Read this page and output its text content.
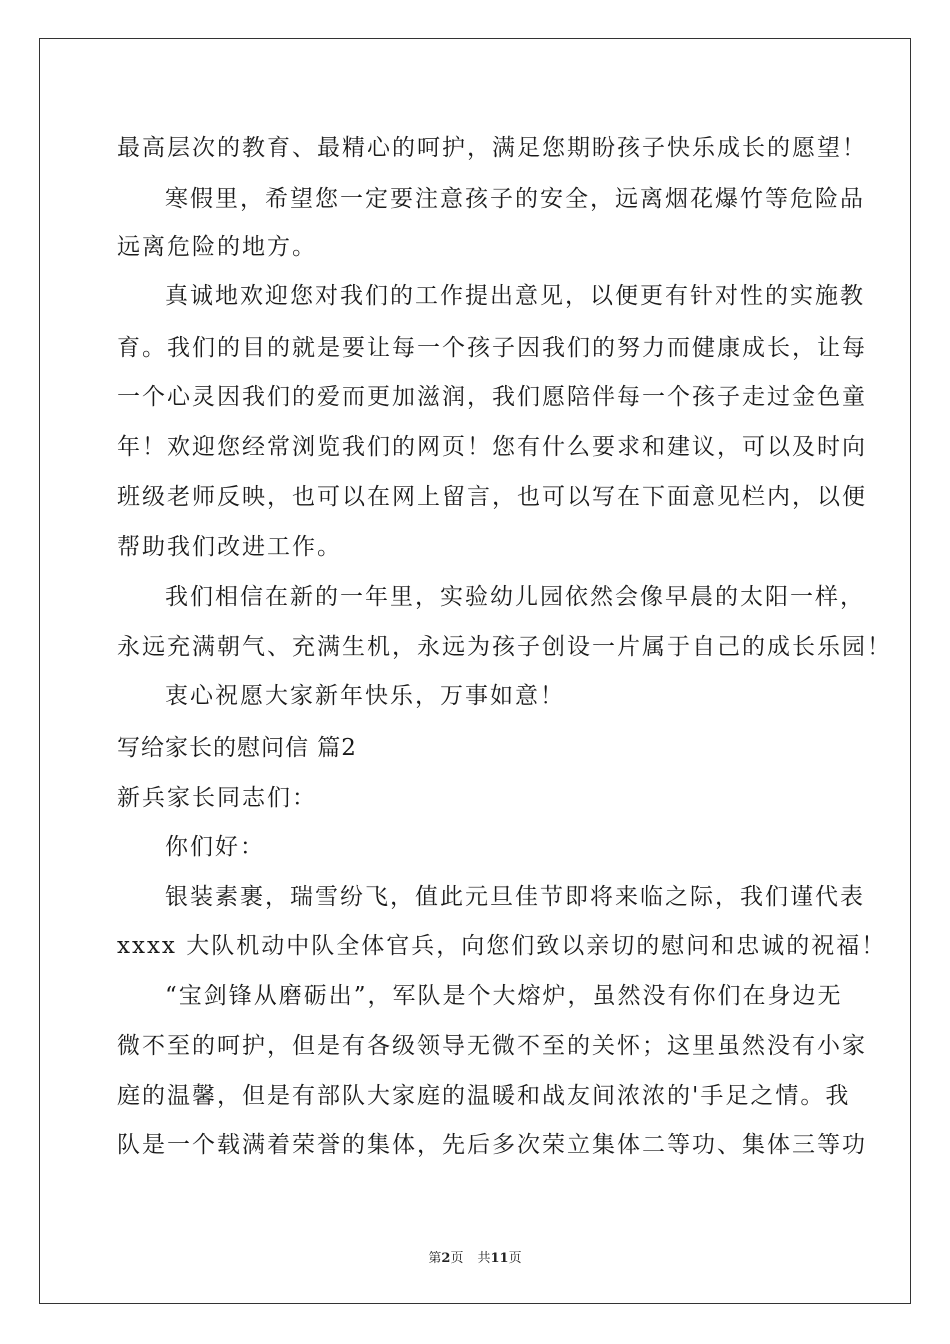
最高层次的教育、最精心的呵护，满足您期盼孩子快乐成长的愿望！
寒假里，希望您一定要注意孩子的安全，远离烟花爆竹等危险品
远离危险的地方。
真诚地欢迎您对我们的工作提出意见，以便更有针对性的实施教
育。我们的目的就是要让每一个孩子因我们的努力而健康成长，让每
一个心灵因我们的爱而更加滋润，我们愿陪伴每一个孩子走过金色童
年！欢迎您经常浏览我们的网页！您有什么要求和建议，可以及时向
班级老师反映，也可以在网上留言，也可以写在下面意见栏内，以便
帮助我们改进工作。
我们相信在新的一年里，实验幼儿园依然会像早晨的太阳一样，
永远充满朝气、充满生机，永远为孩子创设一片属于自己的成长乐园！
衷心祝愿大家新年快乐，万事如意！
写给家长的慰问信 篇2
新兵家长同志们：
你们好：
银装素裹，瑞雪纷飞，值此元旦佳节即将来临之际，我们谨代表
xxxx 大队机动中队全体官兵，向您们致以亲切的慰问和忠诚的祝福！
“宝剑锋从磨砺出”，军队是个大熔炉，虽然没有你们在身边无
微不至的呵护，但是有各级领导无微不至的关怀；这里虽然没有小家
庭的温馨，但是有部队大家庭的温暖和战友间浓浓的'手足之情。我
队是一个载满着荣誉的集体，先后多次荣立集体二等功、集体三等功
第2页 共11页
